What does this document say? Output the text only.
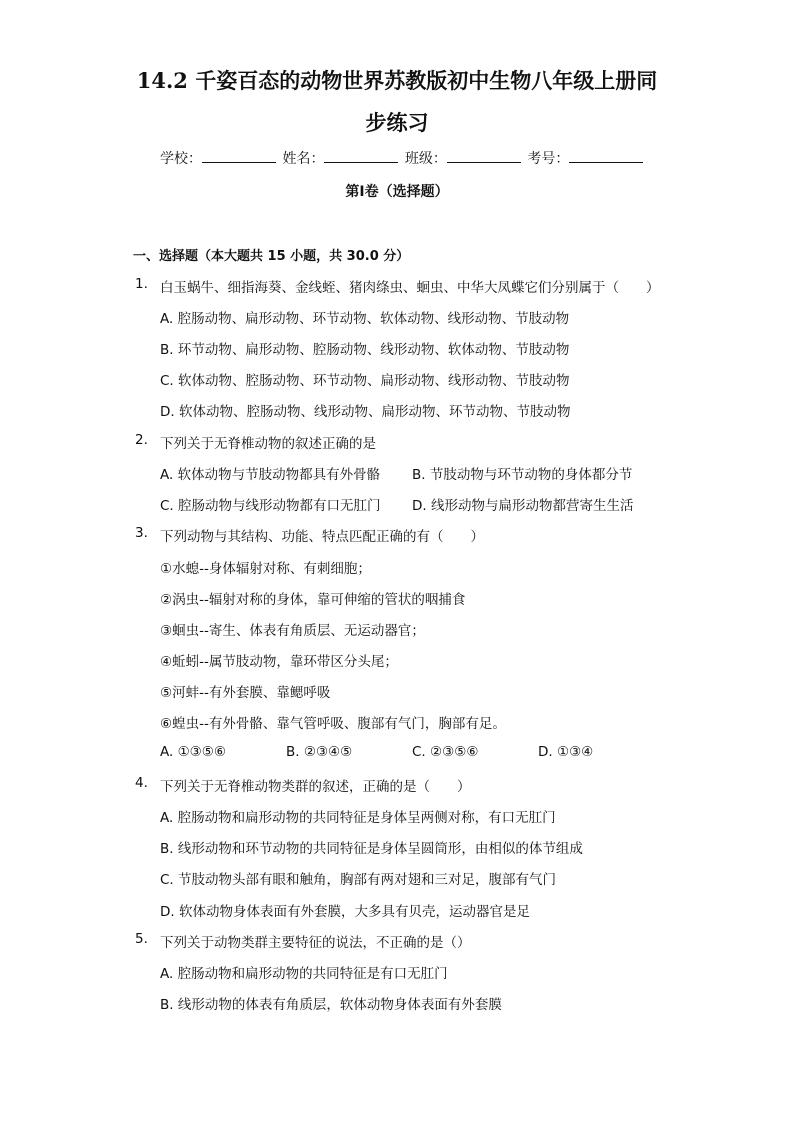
14.2 千姿百态的动物世界苏教版初中生物八年级上册同
步练习
学校：	姓名：	班级：	考号：
第I卷（选择题）
一、选择题（本大题共 15 小题，共 30.0 分）
1. 白玉蜗牛、细指海葵、金线蛭、猪肉绦虫、蛔虫、中华大凤蝶它们分别属于（　　）
A. 腔肠动物、扁形动物、环节动物、软体动物、线形动物、节肢动物
B. 环节动物、扁形动物、腔肠动物、线形动物、软体动物、节肢动物
C. 软体动物、腔肠动物、环节动物、扁形动物、线形动物、节肢动物
D. 软体动物、腔肠动物、线形动物、扁形动物、环节动物、节肢动物
2. 下列关于无脊椎动物的叙述正确的是
A. 软体动物与节肢动物都具有外骨骼 B. 节肢动物与环节动物的身体都分节
C. 腔肠动物与线形动物都有口无肛门 D. 线形动物与扁形动物都营寄生生活
3. 下列动物与其结构、功能、特点匹配正确的有（　　）
①水螅--身体辐射对称、有刺细胞；
②涡虫--辐射对称的身体，靠可伸缩的管状的咽捕食
③蛔虫--寄生、体表有角质层、无运动器官；
④蚯蚓--属节肢动物，靠环带区分头尾；
⑤河蚌--有外套膜、靠鳃呼吸
⑥蝗虫--有外骨骼、靠气管呼吸、腹部有气门，胸部有足。
A. ①③⑤⑥	B. ②③④⑤	C. ②③⑤⑥	D. ①③④
4. 下列关于无脊椎动物类群的叙述，正确的是（　　）
A. 腔肠动物和扁形动物的共同特征是身体呈两侧对称，有口无肛门
B. 线形动物和环节动物的共同特征是身体呈圆筒形，由相似的体节组成
C. 节肢动物头部有眼和触角，胸部有两对翅和三对足，腹部有气门
D. 软体动物身体表面有外套膜，大多具有贝壳，运动器官是足
5. 下列关于动物类群主要特征的说法，不正确的是（）
A. 腔肠动物和扁形动物的共同特征是有口无肛门
B. 线形动物的体表有角质层，软体动物身体表面有外套膜
